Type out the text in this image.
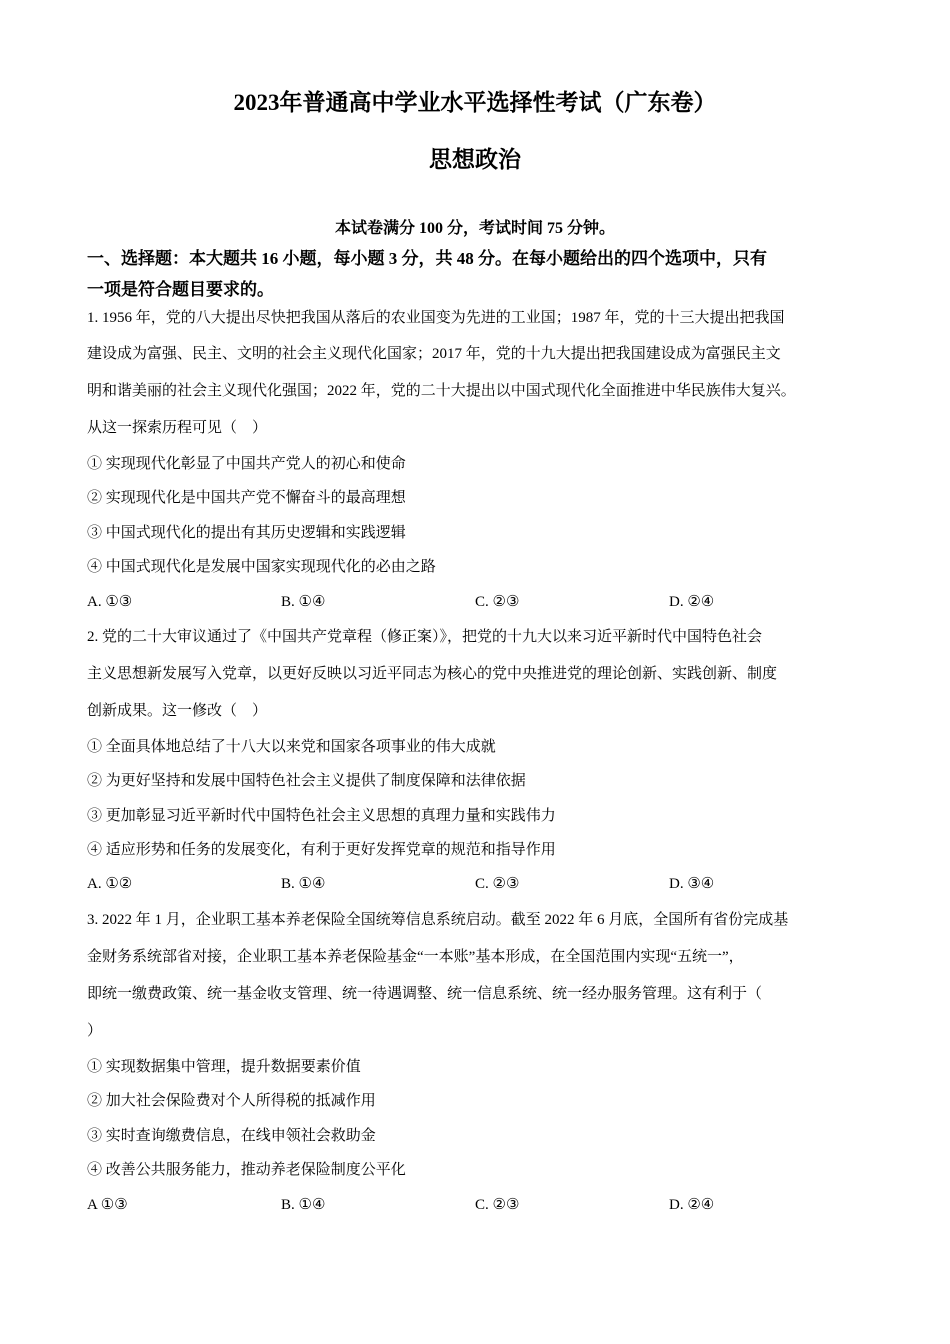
2023年普通高中学业水平选择性考试（广东卷）
思想政治
本试卷满分 100 分，考试时间 75 分钟。
一、选择题：本大题共 16 小题，每小题 3 分，共 48 分。在每小题给出的四个选项中，只有
一项是符合题目要求的。
1. 1956 年，党的八大提出尽快把我国从落后的农业国变为先进的工业国；1987 年，党的十三大提出把我国
建设成为富强、民主、文明的社会主义现代化国家；2017 年，党的十九大提出把我国建设成为富强民主文
明和谐美丽的社会主义现代化强国；2022 年，党的二十大提出以中国式现代化全面推进中华民族伟大复兴。
从这一探索历程可见（　）
① 实现现代化彰显了中国共产党人的初心和使命
② 实现现代化是中国共产党不懈奋斗的最高理想
③ 中国式现代化的提出有其历史逻辑和实践逻辑
④ 中国式现代化是发展中国家实现现代化的必由之路
A. ①③	B. ①④	C. ②③	D. ②④
2. 党的二十大审议通过了《中国共产党章程（修正案）》，把党的十九大以来习近平新时代中国特色社会
主义思想新发展写入党章，以更好反映以习近平同志为核心的党中央推进党的理论创新、实践创新、制度
创新成果。这一修改（　）
① 全面具体地总结了十八大以来党和国家各项事业的伟大成就
② 为更好坚持和发展中国特色社会主义提供了制度保障和法律依据
③ 更加彰显习近平新时代中国特色社会主义思想的真理力量和实践伟力
④ 适应形势和任务的发展变化，有利于更好发挥党章的规范和指导作用
A. ①②	B. ①④	C. ②③	D. ③④
3. 2022 年 1 月，企业职工基本养老保险全国统筹信息系统启动。截至 2022 年 6 月底，全国所有省份完成基
金财务系统部省对接，企业职工基本养老保险基金“一本账”基本形成，在全国范围内实现“五统一”，
即统一缴费政策、统一基金收支管理、统一待遇调整、统一信息系统、统一经办服务管理。这有利于（
）
① 实现数据集中管理，提升数据要素价值
② 加大社会保险费对个人所得税的抵减作用
③ 实时查询缴费信息，在线申领社会救助金
④ 改善公共服务能力，推动养老保险制度公平化
A ①③	B. ①④	C. ②③	D. ②④
